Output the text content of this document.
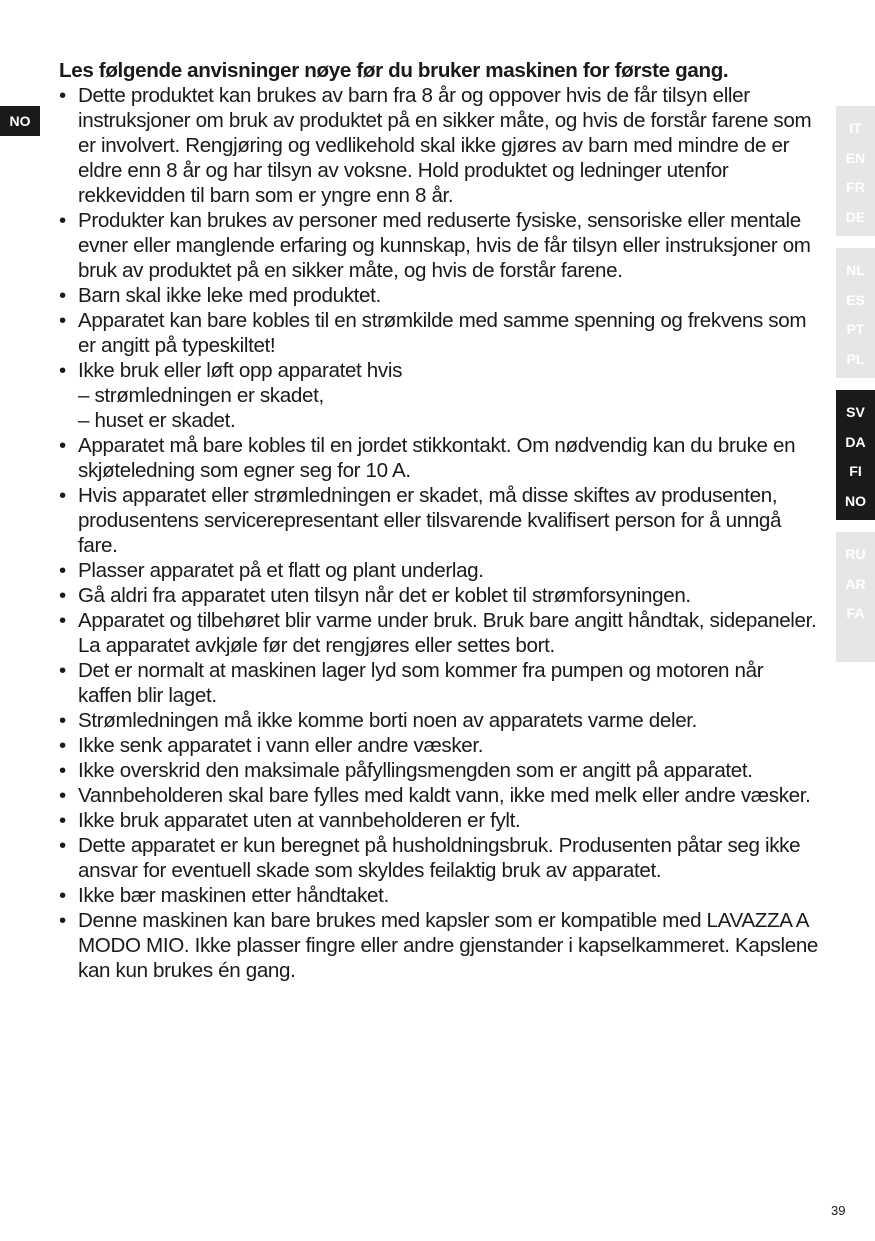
NO

Les følgende anvisninger nøye før du bruker maskinen for første gang.

• Dette produktet kan brukes av barn fra 8 år og oppover hvis de får tilsyn eller instruksjoner om bruk av produktet på en sikker måte, og hvis de forstår farene som er involvert. Rengjøring og vedlikehold skal ikke gjøres av barn med mindre de er eldre enn 8 år og har tilsyn av voksne. Hold produktet og ledninger utenfor rekkevidden til barn som er yngre enn 8 år.
• Produkter kan brukes av personer med reduserte fysiske, sensoriske eller mentale evner eller manglende erfaring og kunnskap, hvis de får tilsyn eller instruksjoner om bruk av produktet på en sikker måte, og hvis de forstår farene.
• Barn skal ikke leke med produktet.
• Apparatet kan bare kobles til en strømkilde med samme spenning og frekvens som er angitt på typeskiltet!
• Ikke bruk eller løft opp apparatet hvis
– strømledningen er skadet,
– huset er skadet.
• Apparatet må bare kobles til en jordet stikkontakt. Om nødvendig kan du bruke en skjøteledning som egner seg for 10 A.
• Hvis apparatet eller strømledningen er skadet, må disse skiftes av produsenten, produsentens servicerepresentant eller tilsvarende kvalifisert person for å unngå fare.
• Plasser apparatet på et flatt og plant underlag.
• Gå aldri fra apparatet uten tilsyn når det er koblet til strømforsyningen.
• Apparatet og tilbehøret blir varme under bruk. Bruk bare angitt håndtak, sidepaneler. La apparatet avkjøle før det rengjøres eller settes bort.
• Det er normalt at maskinen lager lyd som kommer fra pumpen og motoren når kaffen blir laget.
• Strømledningen må ikke komme borti noen av apparatets varme deler.
• Ikke senk apparatet i vann eller andre væsker.
• Ikke overskrid den maksimale påfyllingsmengden som er angitt på apparatet.
• Vannbeholderen skal bare fylles med kaldt vann, ikke med melk eller andre væsker.
• Ikke bruk apparatet uten at vannbeholderen er fylt.
• Dette apparatet er kun beregnet på husholdningsbruk. Produsenten påtar seg ikke ansvar for eventuell skade som skyldes feilaktig bruk av apparatet.
• Ikke bær maskinen etter håndtaket.
• Denne maskinen kan bare brukes med kapsler som er kompatible med LAVAZZA A MODO MIO. Ikke plasser fingre eller andre gjenstander i kapselkammeret. Kapslene kan kun brukes én gang.
IT
EN
FR
DE
NL
ES
PT
PL
SV
DA
FI
NO
RU
AR
FA
39
